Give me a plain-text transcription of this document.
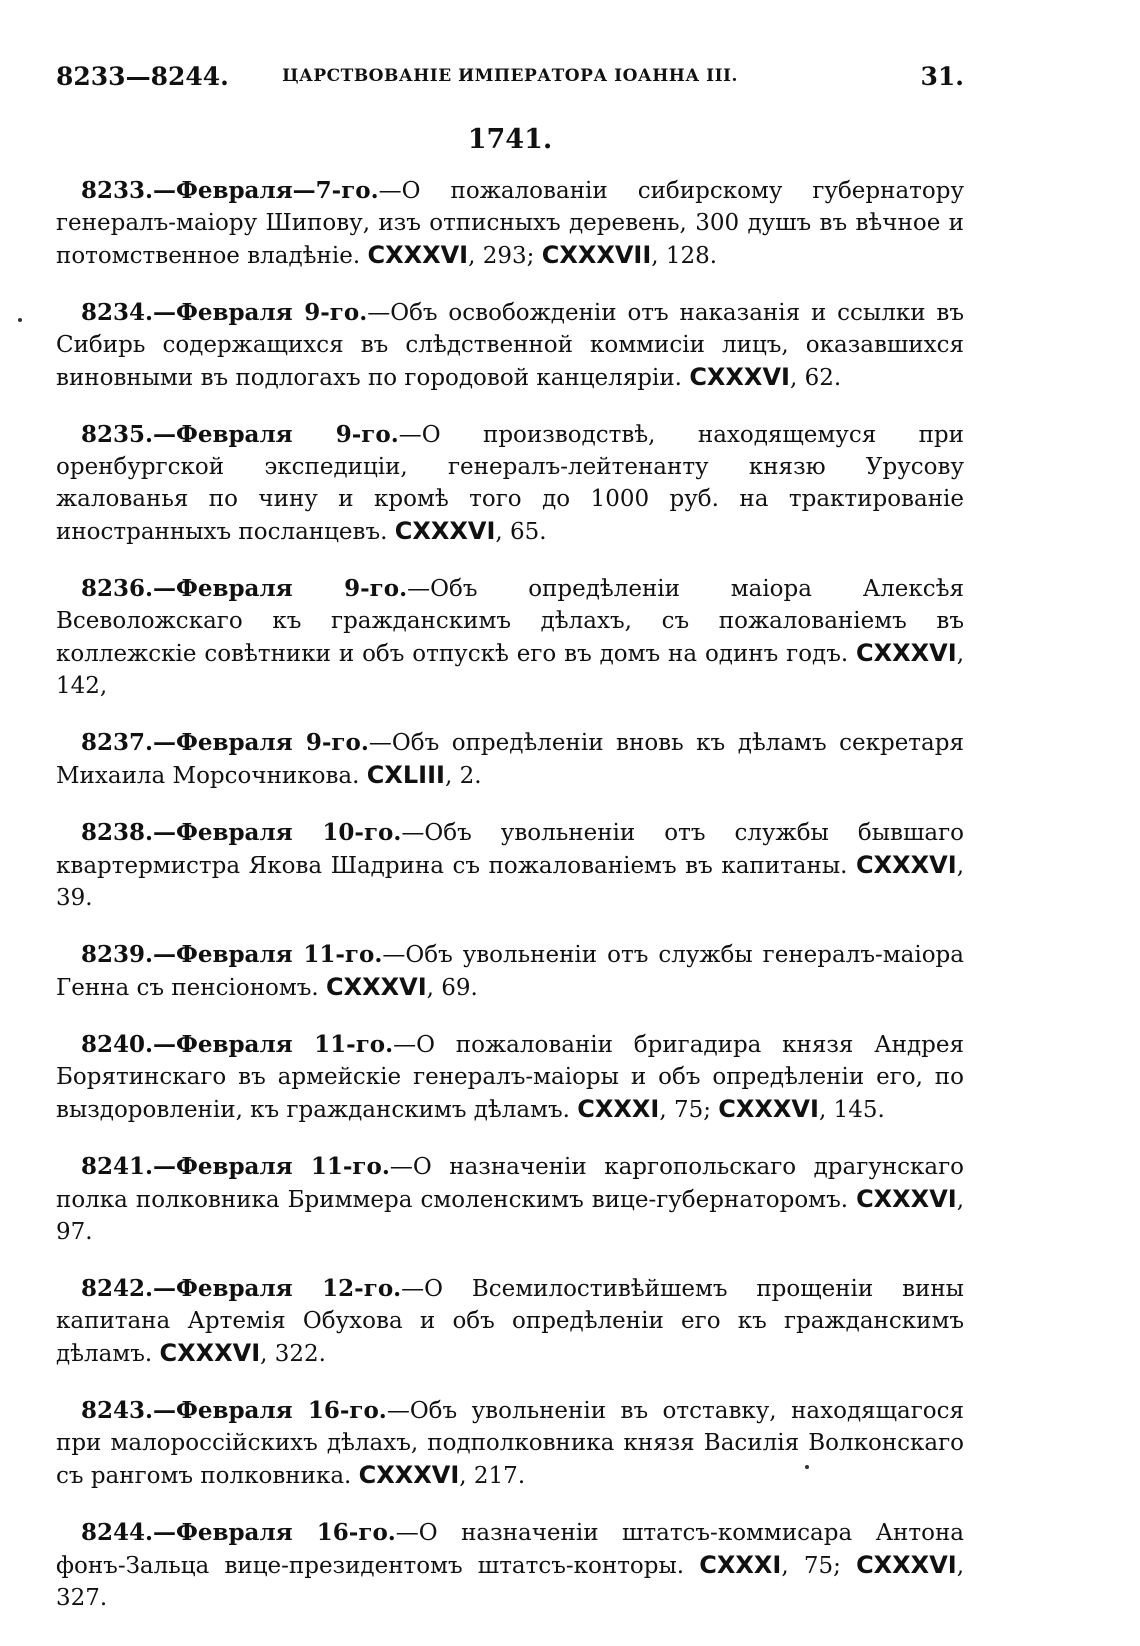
8233—8244.	ЦАРСТВОВАНІЕ ИМПЕРАТОРА ІОАННА III.	31.
1741.

8233.—Февраля—7-го.—О пожалованіи сибирскому губернатору генералъ-маіору Шипову, изъ отписныхъ деревень, 300 душъ въ вѣчное и потомственное владѣніе. CXXXVI, 293; CXXXVII, 128.

8234.—Февраля 9-го.—Объ освобожденіи отъ наказанія и ссылки въ Сибирь содержащихся въ слѣдственной коммисіи лицъ, оказавшихся виновными въ подлогахъ по городовой канцеляріи. CXXXVI, 62.

8235.—Февраля 9-го.—О производствѣ, находящемуся при оренбургской экспедиціи, генералъ-лейтенанту князю Урусову жалованья по чину и кромѣ того до 1000 руб. на трактированіе иностранныхъ посланцевъ. CXXXVI, 65.

8236.—Февраля 9-го.—Объ опредѣленіи маіора Алексѣя Всеволожскаго къ гражданскимъ дѣлахъ, съ пожалованіемъ въ коллежскіе совѣтники и объ отпускѣ его въ домъ на одинъ годъ. CXXXVI, 142,

8237.—Февраля 9-го.—Объ опредѣленіи вновь къ дѣламъ секретаря Михаила Морсочникова. CXLIII, 2.

8238.—Февраля 10-го.—Объ увольненіи отъ службы бывшаго квартермистра Якова Шадрина съ пожалованіемъ въ капитаны. CXXXVI, 39.

8239.—Февраля 11-го.—Объ увольненіи отъ службы генералъ-маіора Генна съ пенсіономъ. CXXXVI, 69.

8240.—Февраля 11-го.—О пожалованіи бригадира князя Андрея Борятинскаго въ армейскіе генералъ-маіоры и объ опредѣленіи его, по выздоровленіи, къ гражданскимъ дѣламъ. CXXXI, 75; CXXXVI, 145.

8241.—Февраля 11-го.—О назначеніи каргопольскаго драгунскаго полка полковника Бриммера смоленскимъ вице-губернаторомъ. CXXXVI, 97.

8242.—Февраля 12-го.—О Всемилостивѣйшемъ прощеніи вины капитана Артемія Обухова и объ опредѣленіи его къ гражданскимъ дѣламъ. CXXXVI, 322.

8243.—Февраля 16-го.—Объ увольненіи въ отставку, находящагося при малороссійскихъ дѣлахъ, подполковника князя Василія Волконскаго съ рангомъ полковника. CXXXVI, 217.

8244.—Февраля 16-го.—О назначеніи штатсъ-коммисара Антона фонъ-Зальца вице-президентомъ штатсъ-конторы. CXXXI, 75; CXXXVI, 327.
